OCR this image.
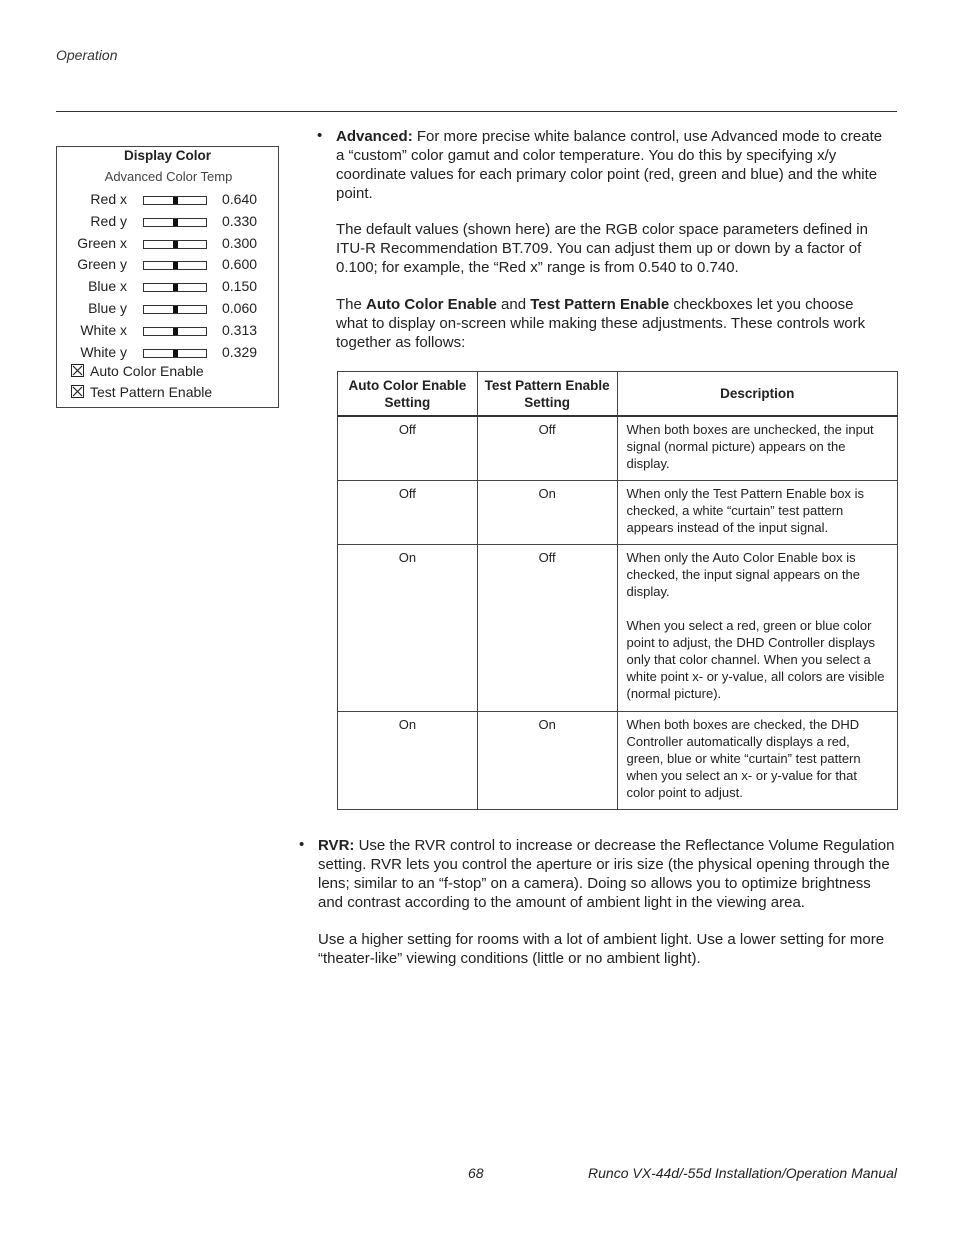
Operation
Display Color
Advanced Color Temp
Red x	0.640
Red y	0.330
Green x	0.300
Green y	0.600
Blue x	0.150
Blue y	0.060
White x	0.313
White y	0.329
Auto Color Enable
Test Pattern Enable
• Advanced: For more precise white balance control, use Advanced mode to create
a “custom” color gamut and color temperature. You do this by specifying x/y
coordinate values for each primary color point (red, green and blue) and the white
point.
The default values (shown here) are the RGB color space parameters defined in
ITU-R Recommendation BT.709. You can adjust them up or down by a factor of
0.100; for example, the “Red x” range is from 0.540 to 0.740.
The Auto Color Enable and Test Pattern Enable checkboxes let you choose
what to display on-screen while making these adjustments. These controls work
together as follows:
Auto Color Enable Setting	Test Pattern Enable Setting	Description
Off	Off	When both boxes are unchecked, the input signal (normal picture) appears on the display.
Off	On	When only the Test Pattern Enable box is checked, a white “curtain” test pattern appears instead of the input signal.
On	Off	When only the Auto Color Enable box is checked, the input signal appears on the display.
When you select a red, green or blue color point to adjust, the DHD Controller displays only that color channel. When you select a white point x- or y-value, all colors are visible (normal picture).

On	On	When both boxes are checked, the DHD Controller automatically displays a red, green, blue or white “curtain” test pattern when you select an x- or y-value for that color point to adjust.
• RVR: Use the RVR control to increase or decrease the Reflectance Volume Regulation
setting. RVR lets you control the aperture or iris size (the physical opening through the
lens; similar to an “f-stop” on a camera). Doing so allows you to optimize brightness
and contrast according to the amount of ambient light in the viewing area.
Use a higher setting for rooms with a lot of ambient light. Use a lower setting for more
“theater-like” viewing conditions (little or no ambient light).
68	Runco VX-44d/-55d Installation/Operation Manual
